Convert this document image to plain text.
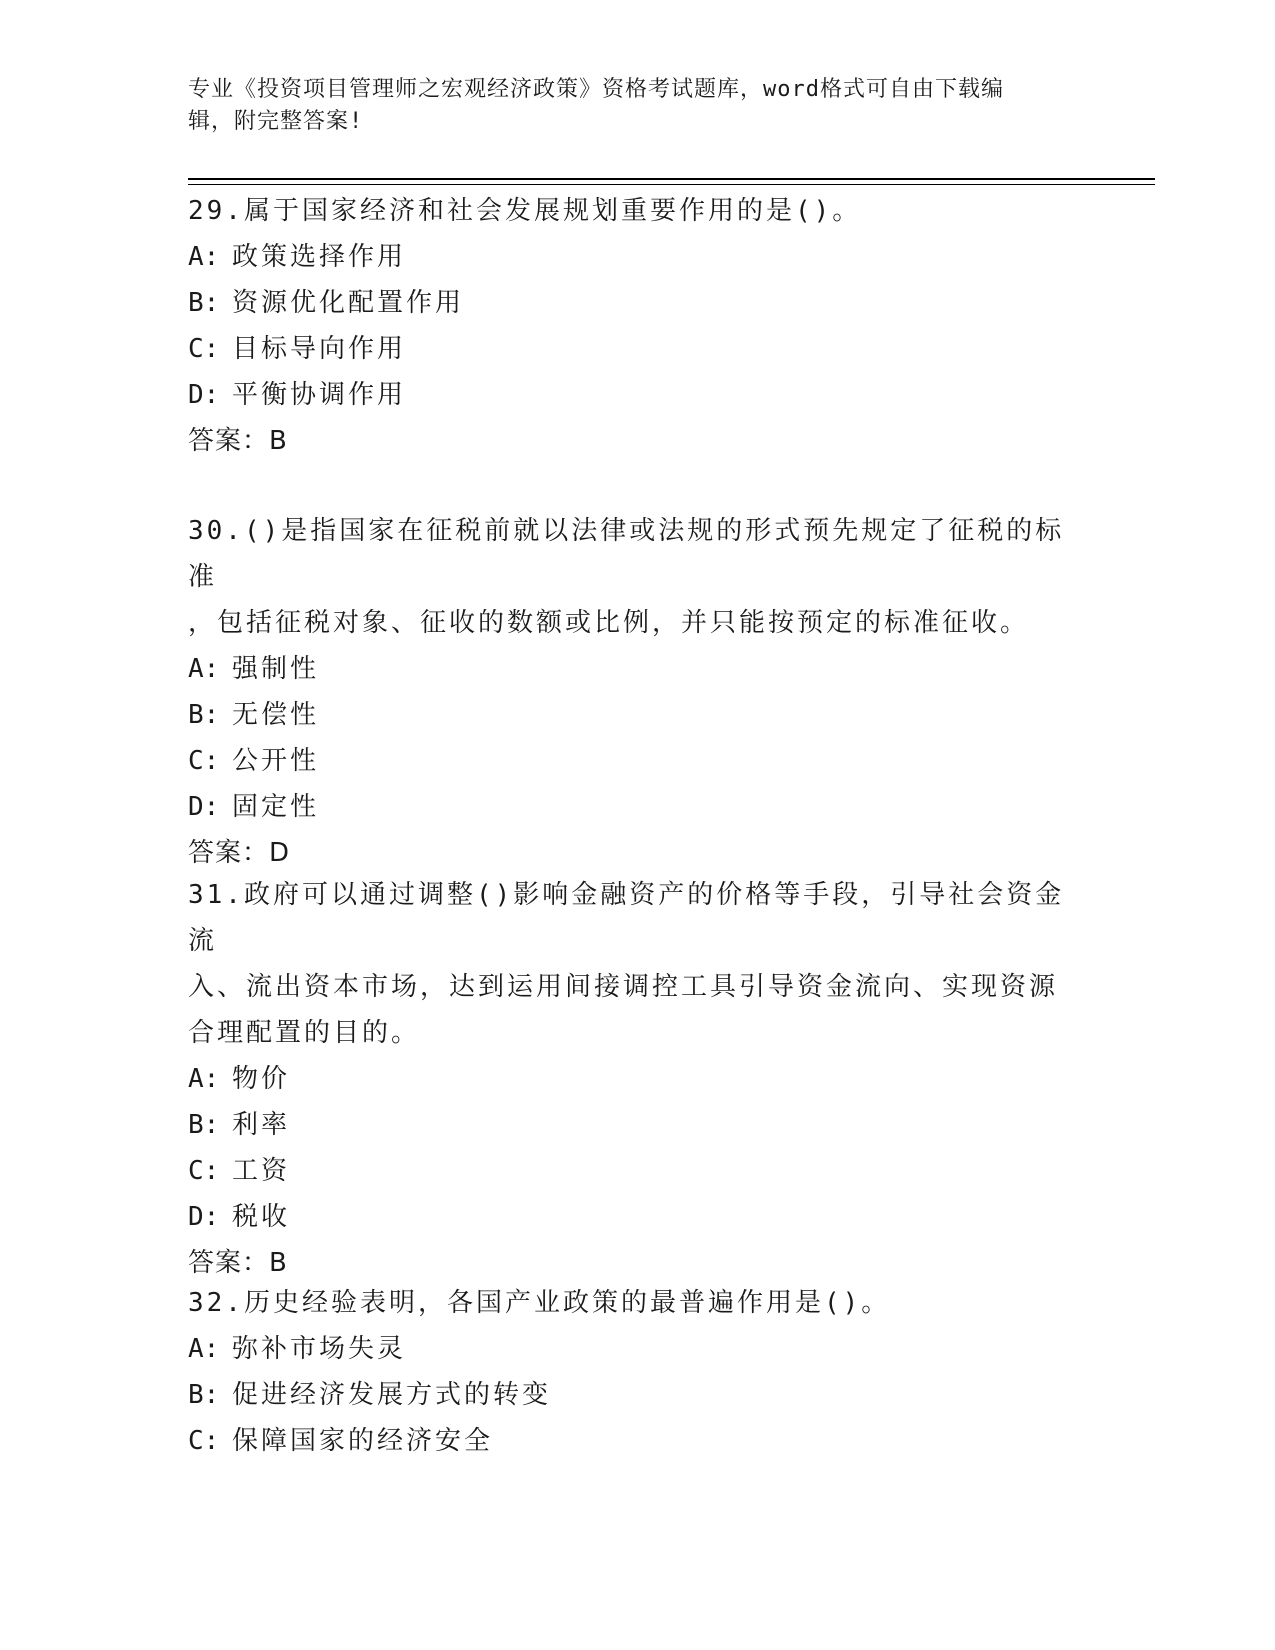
专业《投资项目管理师之宏观经济政策》资格考试题库，word格式可自由下载编
辑，附完整答案!

29.属于国家经济和社会发展规划重要作用的是()。

A: 政策选择作用

B: 资源优化配置作用

C: 目标导向作用

D: 平衡协调作用

答案：B

30.()是指国家在征税前就以法律或法规的形式预先规定了征税的标准

，包括征税对象、征收的数额或比例，并只能按预定的标准征收。

A: 强制性

B: 无偿性

C: 公开性

D: 固定性

答案：D

31.政府可以通过调整()影响金融资产的价格等手段，引导社会资金流

入、流出资本市场，达到运用间接调控工具引导资金流向、实现资源

合理配置的目的。

A: 物价

B: 利率

C: 工资

D: 税收

答案：B

32.历史经验表明，各国产业政策的最普遍作用是()。

A: 弥补市场失灵

B: 促进经济发展方式的转变

C: 保障国家的经济安全
